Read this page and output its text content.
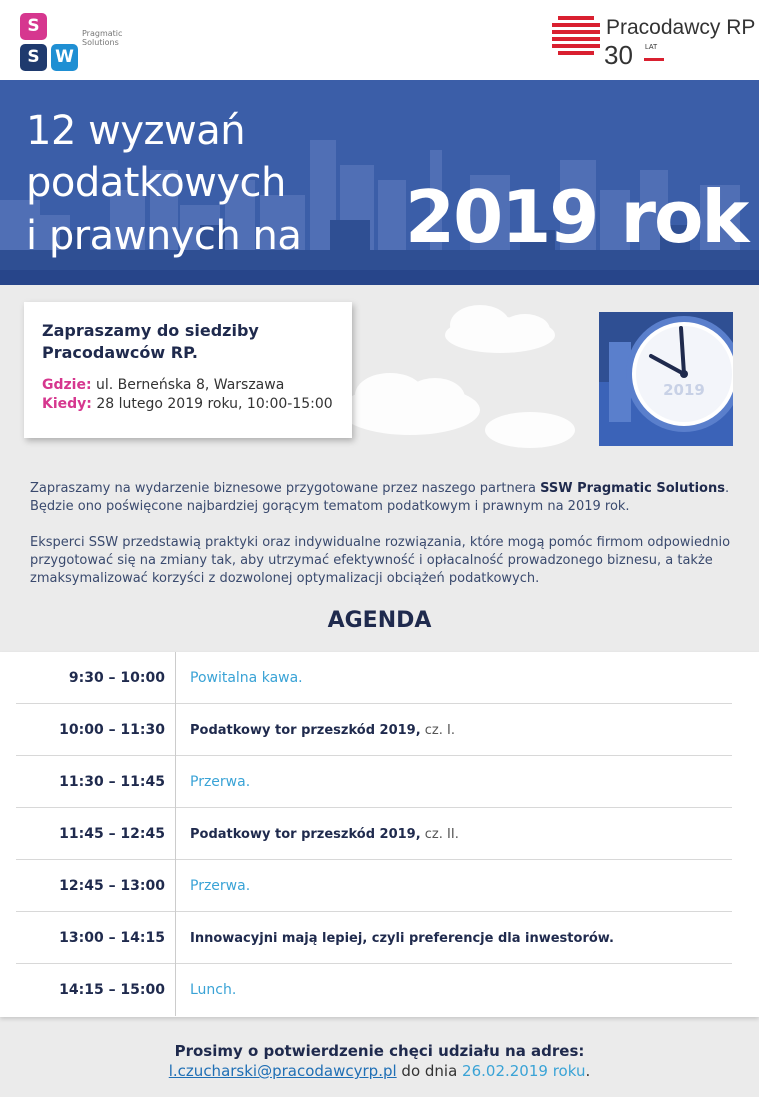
S
S W
Pragmatic
Solutions
Pracodawcy RP
30 LAT
12 wyzwań
podatkowych
i prawnych na 2019 rok
Zapraszamy do siedziby
Pracodawców RP.
Gdzie: ul. Berneńska 8, Warszawa
Kiedy: 28 lutego 2019 roku, 10:00-15:00
2019

Zapraszamy na wydarzenie biznesowe przygotowane przez naszego partnera SSW Pragmatic Solutions. Będzie ono poświęcone najbardziej gorącym tematom podatkowym i prawnym na 2019 rok.

Eksperci SSW przedstawią praktyki oraz indywidualne rozwiązania, które mogą pomóc firmom odpowiednio przygotować się na zmiany tak, aby utrzymać efektywność i opłacalność prowadzonego biznesu, a także zmaksymalizować korzyści z dozwolonej optymalizacji obciążeń podatkowych.

AGENDA
9:30 – 10:00	Powitalna kawa.
10:00 – 11:30	Podatkowy tor przeszkód 2019, cz. I.
11:30 – 11:45	Przerwa.
11:45 – 12:45	Podatkowy tor przeszkód 2019, cz. II.
12:45 – 13:00	Przerwa.
13:00 – 14:15	Innowacyjni mają lepiej, czyli preferencje dla inwestorów.
14:15 – 15:00	Lunch.
Prosimy o potwierdzenie chęci udziału na adres:
l.czucharski@pracodawcyrp.pl do dnia 26.02.2019 roku.
